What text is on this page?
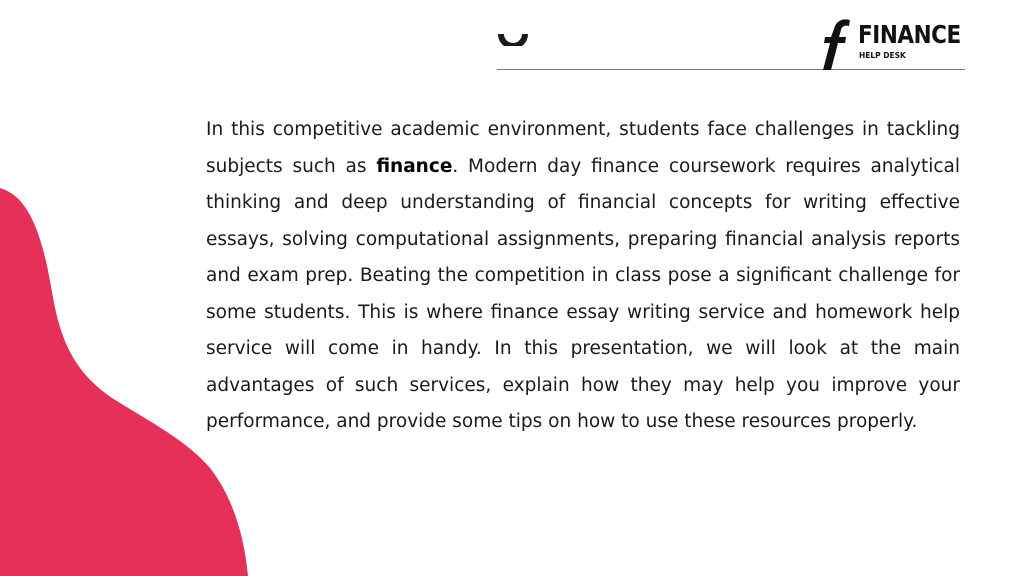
FINANCE
HELP DESK

In this competitive academic environment, students face challenges in tackling subjects such as finance. Modern day finance coursework requires analytical thinking and deep understanding of financial concepts for writing effective essays, solving computational assignments, preparing financial analysis reports and exam prep. Beating the competition in class pose a significant challenge for some students. This is where finance essay writing service and homework help service will come in handy. In this presentation, we will look at the main advantages of such services, explain how they may help you improve your performance, and provide some tips on how to use these resources properly.
